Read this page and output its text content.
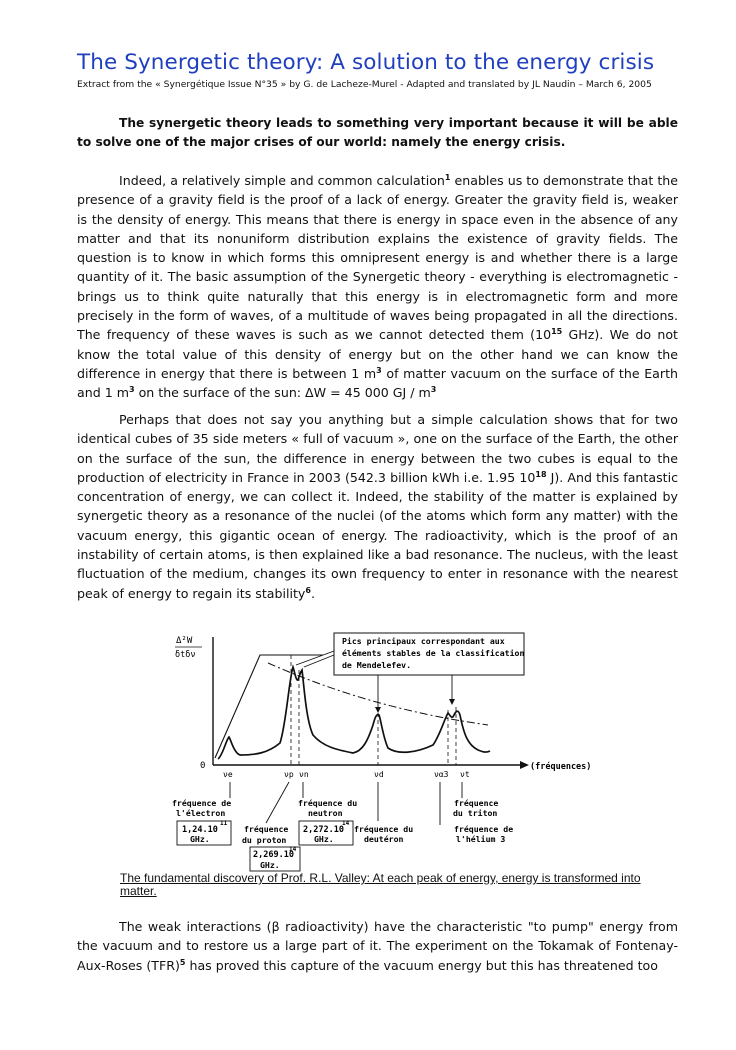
The Synergetic theory: A solution to the energy crisis
Extract from the « Synergétique Issue N°35 » by G. de Lacheze-Murel - Adapted and translated by JL Naudin – March 6, 2005
The synergetic theory leads to something very important because it will be able to solve one of the major crises of our world: namely the energy crisis.
Indeed, a relatively simple and common calculation$^1$ enables us to demonstrate that the presence of a gravity field is the proof of a lack of energy. Greater the gravity field is, weaker is the density of energy. This means that there is energy in space even in the absence of any matter and that its nonuniform distribution explains the existence of gravity fields. The question is to know in which forms this omnipresent energy is and whether there is a large quantity of it. The basic assumption of the Synergetic theory - everything is electromagnetic - brings us to think quite naturally that this energy is in electromagnetic form and more precisely in the form of waves, of a multitude of waves being propagated in all the directions. The frequency of these waves is such as we cannot detected them ($10^{15}$ GHz). We do not know the total value of this density of energy but on the other hand we can know the difference in energy that there is between 1 $m^3$ of matter vacuum on the surface of the Earth and 1 $m^3$ on the surface of the sun: ΔW = 45 000 GJ / $m^3$
Perhaps that does not say you anything but a simple calculation shows that for two identical cubes of 35 side meters « full of vacuum », one on the surface of the Earth, the other on the surface of the sun, the difference in energy between the two cubes is equal to the production of electricity in France in 2003 (542.3 billion kWh i.e. 1.95 $10^{18}$ J). And this fantastic concentration of energy, we can collect it. Indeed, the stability of the matter is explained by synergetic theory as a resonance of the nuclei (of the atoms which form any matter) with the vacuum energy, this gigantic ocean of energy. The radioactivity, which is the proof of an instability of certain atoms, is then explained like a bad resonance. The nucleus, with the least fluctuation of the medium, changes its own frequency to enter in resonance with the nearest peak of energy to regain its stability$^6$.
Δ²W
δtδν
0	(fréquences)
Pics principaux correspondant aux
éléments stables de la classification
de Mendelefev.
νe	νp νn	νd	να3 νt
fréquence de
l'électron
1,24.10
11
GHz.
fréquence
du proton
2,269.10
14
GHz.
fréquence du
neutron
2,272.10
14
GHz.
fréquence du
deutéron
fréquence
du triton
fréquence de
l'hélium 3
The fundamental discovery of Prof. R.L. Valley: At each peak of energy, energy is transformed into matter.
The weak interactions (β radioactivity) have the characteristic "to pump" energy from the vacuum and to restore us a large part of it. The experiment on the Tokamak of Fontenay-Aux-Roses (TFR)$^5$ has proved this capture of the vacuum energy but this has threatened too
